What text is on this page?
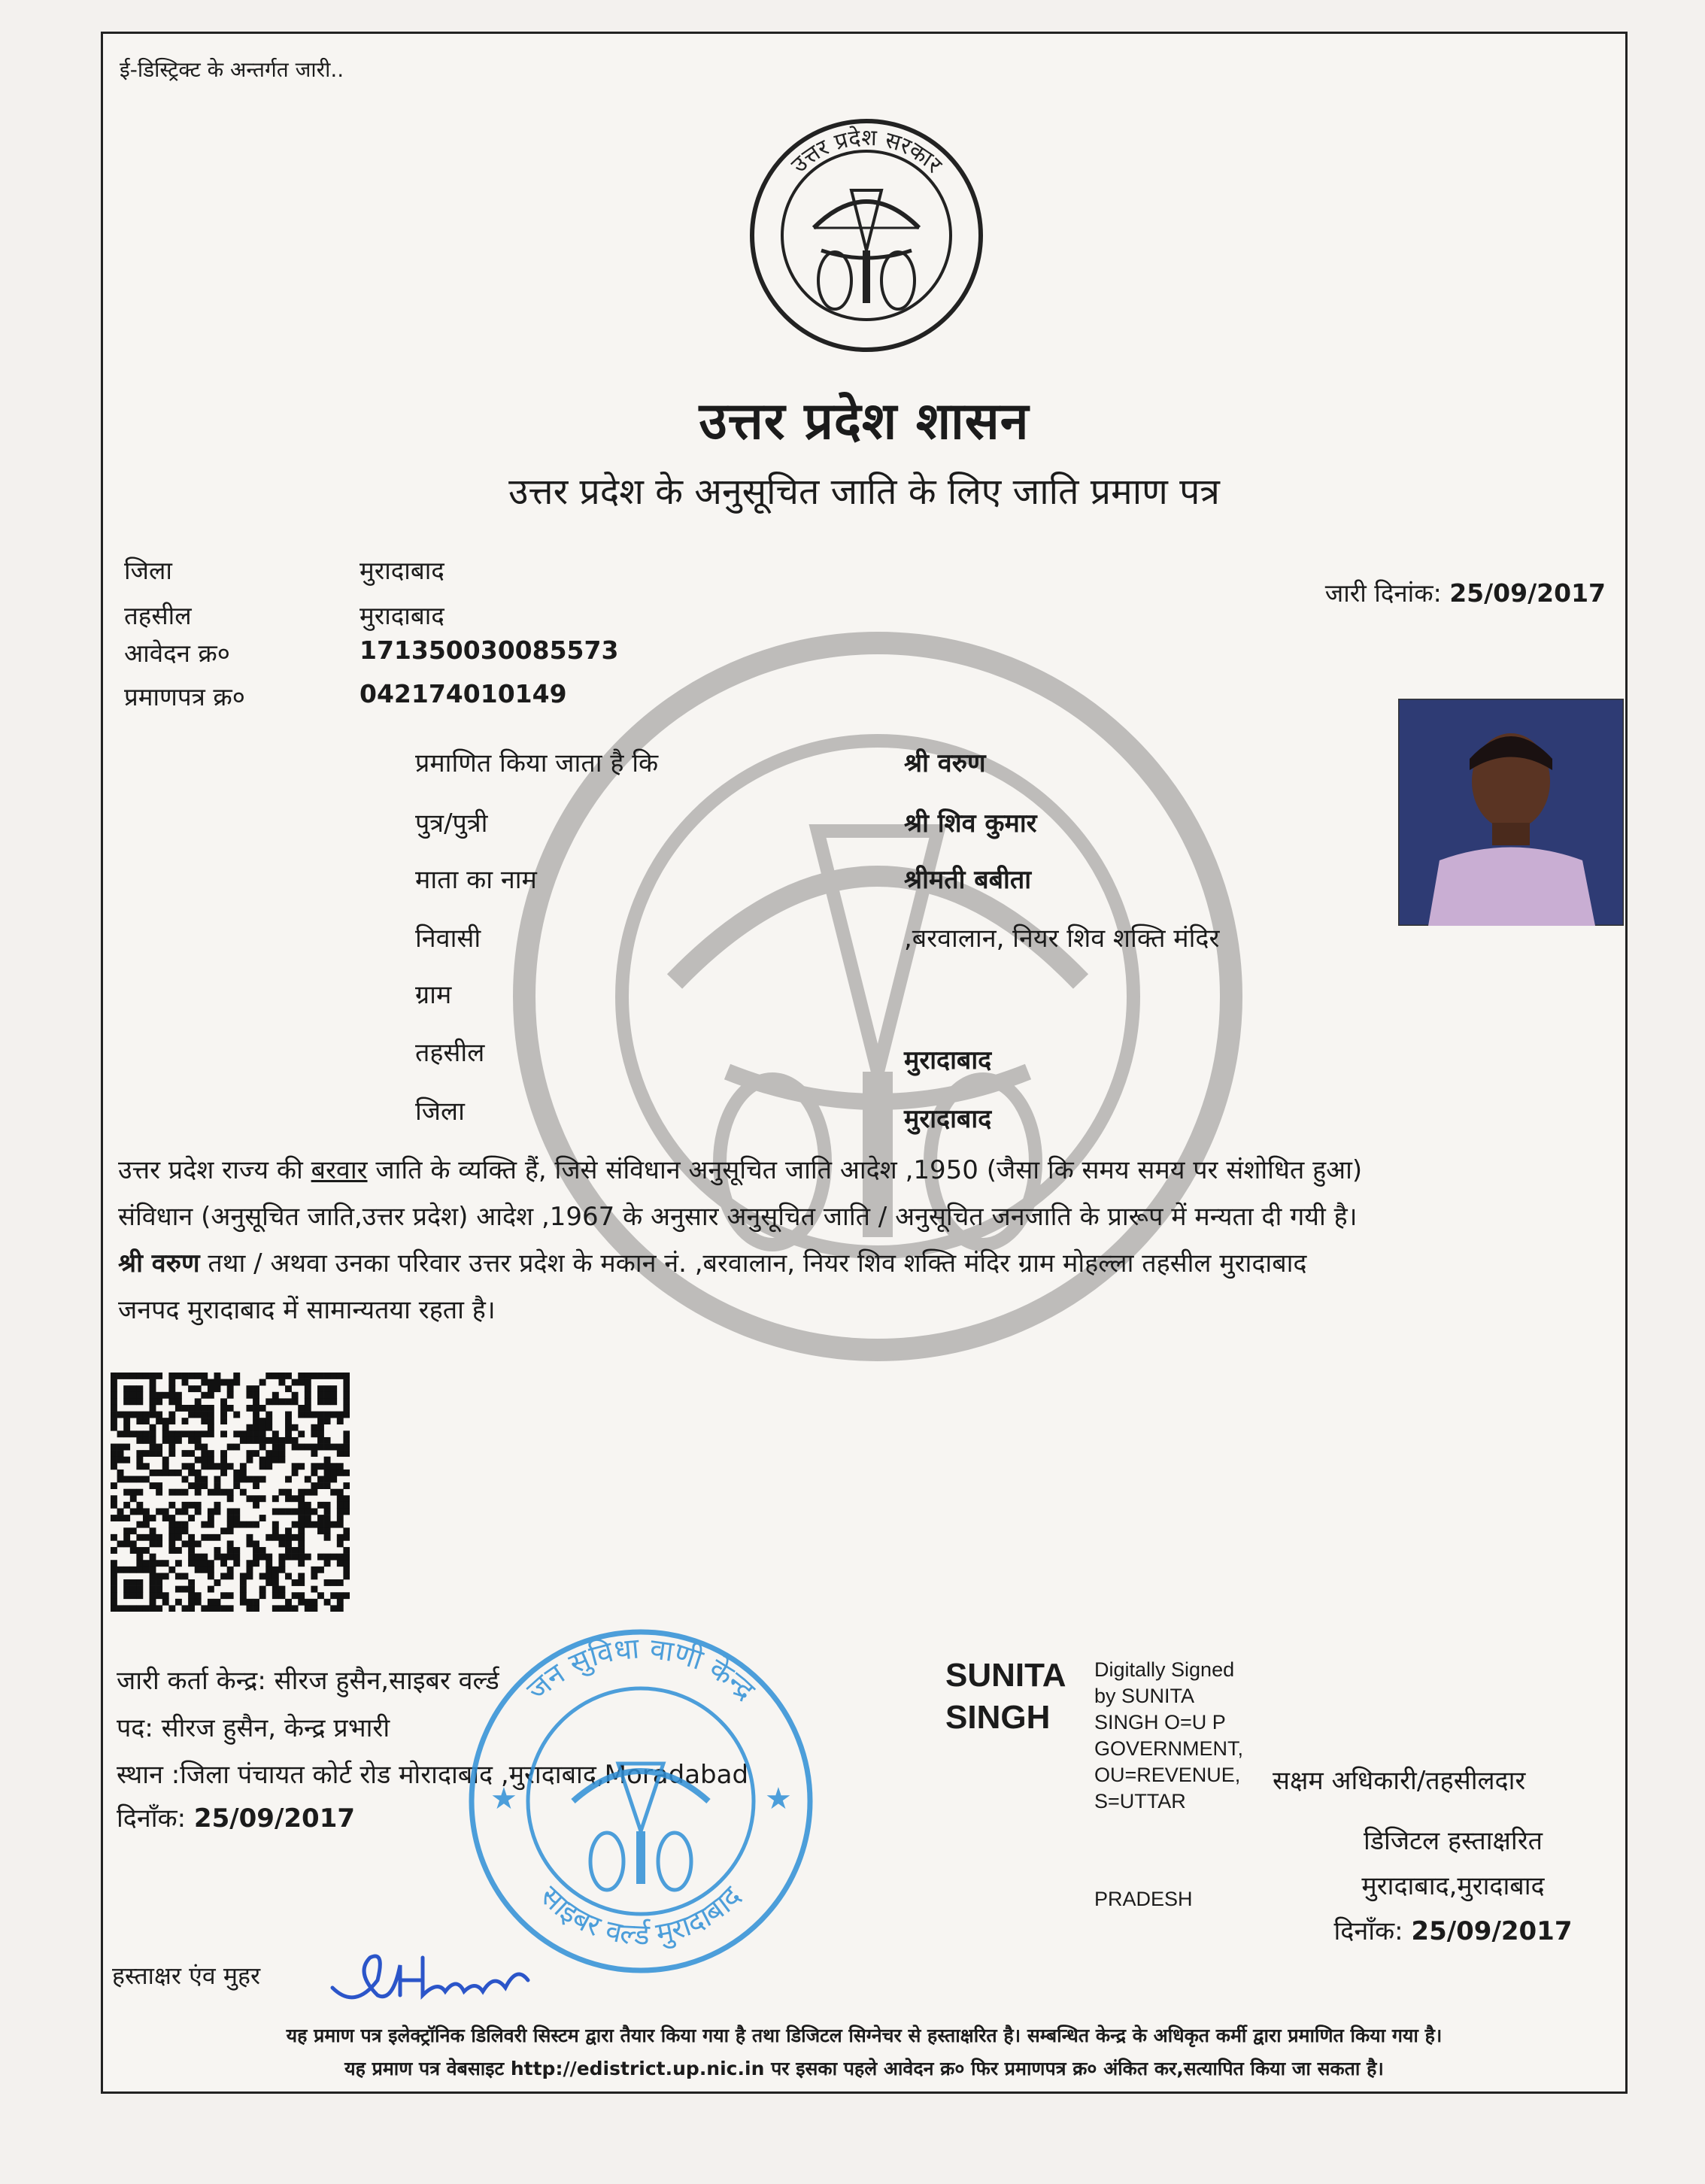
ई-डिस्ट्रिक्ट के अन्तर्गत जारी..
उत्तर प्रदेश सरकार
उत्तर प्रदेश शासन
उत्तर प्रदेश के अनुसूचित जाति के लिए जाति प्रमाण पत्र
जिला	मुरादाबाद
तहसील	मुरादाबाद
आवेदन क्र०	171350030085573
प्रमाणपत्र क्र०	042174010149
जारी दिनांक: 25/09/2017
प्रमाणित किया जाता है कि	श्री वरुण
पुत्र/पुत्री	श्री शिव कुमार
माता का नाम	श्रीमती बबीता
निवासी	,बरवालान, नियर शिव शक्ति मंदिर
ग्राम
तहसील	मुरादाबाद
जिला	मुरादाबाद

उत्तर प्रदेश राज्य की बरवार जाति के व्यक्ति हैं, जिसे संविधान अनुसूचित जाति आदेश ,1950 (जैसा कि समय समय पर संशोधित हुआ)

संविधान (अनुसूचित जाति,उत्तर प्रदेश) आदेश ,1967 के अनुसार अनुसूचित जाति / अनुसूचित जनजाति के प्रारूप में मन्यता दी गयी है।

श्री वरुण तथा / अथवा उनका परिवार उत्तर प्रदेश के मकान नं. ,बरवालान, नियर शिव शक्ति मंदिर ग्राम मोहल्ला तहसील मुरादाबाद

जनपद मुरादाबाद में सामान्यतया रहता है।

जारी कर्ता केन्द्र: सीरज हुसैन,साइबर वर्ल्ड
पद: सीरज हुसैन, केन्द्र प्रभारी
स्थान :जिला पंचायत कोर्ट रोड मोरादाबाद ,मुरादाबाद,Moradabad
दिनाँक: 25/09/2017
जन सुविधा वाणी केन्द्र
साइबर वर्ल्ड मुरादाबाद
★	★
SUNITA
SINGH
Digitally Signed
by SUNITA
SINGH O=U P
GOVERNMENT,
OU=REVENUE,
S=UTTAR
PRADESH
सक्षम अधिकारी/तहसीलदार
डिजिटल हस्ताक्षरित
मुरादाबाद,मुरादाबाद
दिनाँक: 25/09/2017
हस्ताक्षर एंव मुहर
यह प्रमाण पत्र इलेक्ट्रॉनिक डिलिवरी सिस्टम द्वारा तैयार किया गया है तथा डिजिटल सिग्नेचर से हस्ताक्षरित है। सम्बन्धित केन्द्र के अधिकृत कर्मी द्वारा प्रमाणित किया गया है।
यह प्रमाण पत्र वेबसाइट http://edistrict.up.nic.in पर इसका पहले आवेदन क्र० फिर प्रमाणपत्र क्र० अंकित कर,सत्यापित किया जा सकता है।
